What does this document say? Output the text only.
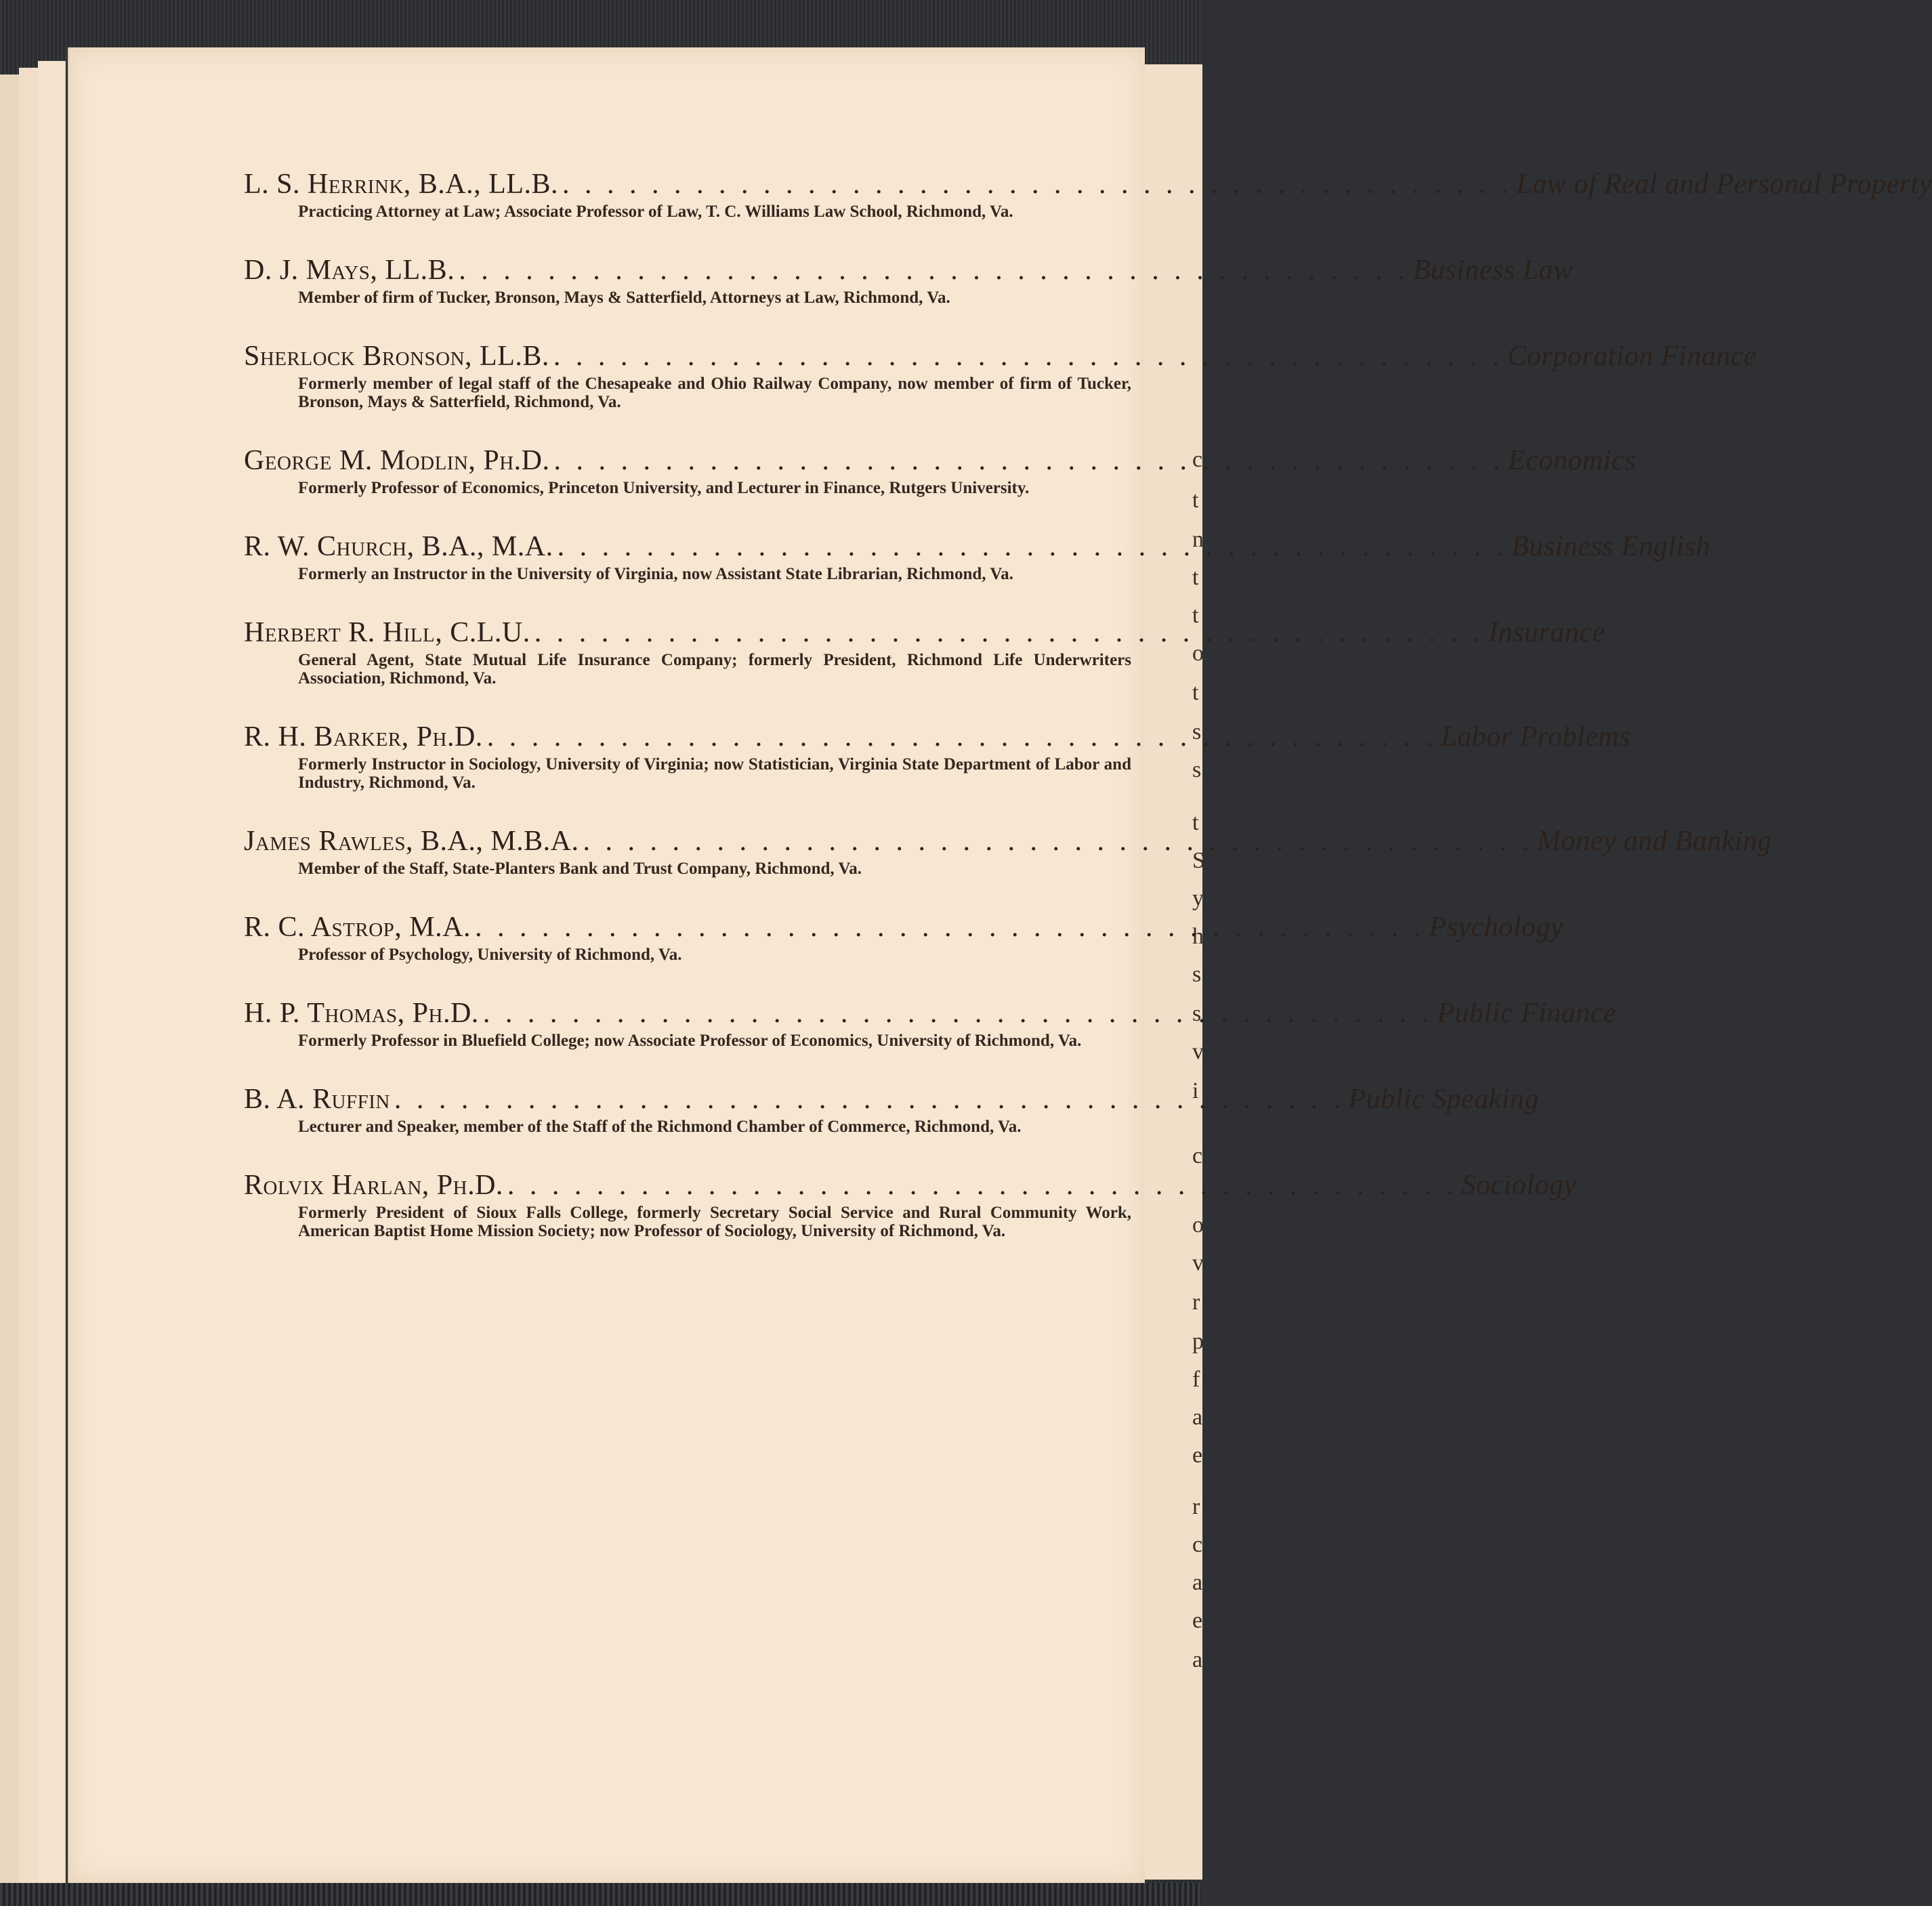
c
t
n
t
t
o
t
s
s
t
S
y
h
s
s
v
i
c
o
v
r
p
f
a
e
r
c
a
e
a
L. S. Herrink, B.A., LL.B. . . .	Law of Real and Personal Property
Practicing Attorney at Law; Associate Professor of Law, T. C. Williams Law School, Richmond, Va.
D. J. Mays, LL.B. . . .	Business Law
Member of firm of Tucker, Bronson, Mays & Satterfield, Attorneys at Law, Richmond, Va.
Sherlock Bronson, LL.B. . . .	Corporation Finance
Formerly member of legal staff of the Chesapeake and Ohio Railway Company, now member of firm of Tucker, Bronson, Mays & Satterfield, Richmond, Va.
George M. Modlin, Ph.D. . . .	Economics
Formerly Professor of Economics, Princeton University, and Lecturer in Finance, Rutgers University.
R. W. Church, B.A., M.A. . . .	Business English
Formerly an Instructor in the University of Virginia, now Assistant State Librarian, Richmond, Va.
Herbert R. Hill, C.L.U. . . .	Insurance
General Agent, State Mutual Life Insurance Company; formerly President, Richmond Life Underwriters Association, Richmond, Va.
R. H. Barker, Ph.D. . . .	Labor Problems
Formerly Instructor in Sociology, University of Virginia; now Statistician, Virginia State Department of Labor and Industry, Richmond, Va.
James Rawles, B.A., M.B.A. . . .	Money and Banking
Member of the Staff, State-Planters Bank and Trust Company, Richmond, Va.
R. C. Astrop, M.A. . . .	Psychology
Professor of Psychology, University of Richmond, Va.
H. P. Thomas, Ph.D. . . .	Public Finance
Formerly Professor in Bluefield College; now Associate Professor of Economics, University of Richmond, Va.
B. A. Ruffin . . .	Public Speaking
Lecturer and Speaker, member of the Staff of the Richmond Chamber of Commerce, Richmond, Va.
Rolvix Harlan, Ph.D. . . .	Sociology
Formerly President of Sioux Falls College, formerly Secretary Social Service and Rural Community Work, American Baptist Home Mission Society; now Professor of Sociology, University of Richmond, Va.
